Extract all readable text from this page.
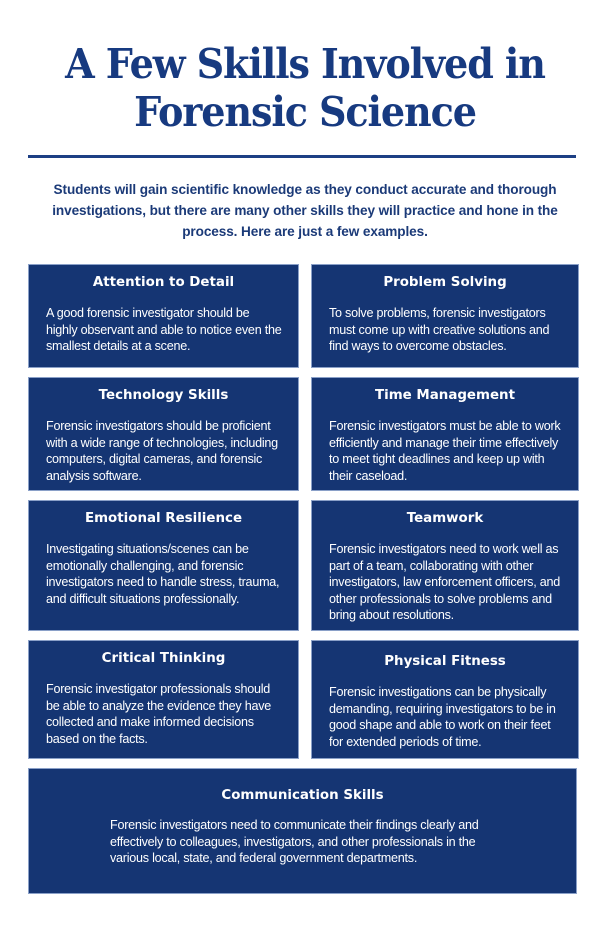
A Few Skills Involved in
Forensic Science
Students will gain scientific knowledge as they conduct accurate and thorough investigations, but there are many other skills they will practice and hone in the process. Here are just a few examples.
Attention to Detail
A good forensic investigator should be highly observant and able to notice even the smallest details at a scene.
Problem Solving
To solve problems, forensic investigators must come up with creative solutions and find ways to overcome obstacles.
Technology Skills
Forensic investigators should be proficient with a wide range of technologies, including computers, digital cameras, and forensic analysis software.
Time Management
Forensic investigators must be able to work efficiently and manage their time effectively to meet tight deadlines and keep up with their caseload.
Emotional Resilience
Investigating situations/scenes can be emotionally challenging, and forensic investigators need to handle stress, trauma, and difficult situations professionally.
Teamwork
Forensic investigators need to work well as part of a team, collaborating with other investigators, law enforcement officers, and other professionals to solve problems and bring about resolutions.
Critical Thinking
Forensic investigator professionals should be able to analyze the evidence they have collected and make informed decisions based on the facts.
Physical Fitness
Forensic investigations can be physically demanding, requiring investigators to be in good shape and able to work on their feet for extended periods of time.
Communication Skills
Forensic investigators need to communicate their findings clearly and effectively to colleagues, investigators, and other professionals in the various local, state, and federal government departments.
